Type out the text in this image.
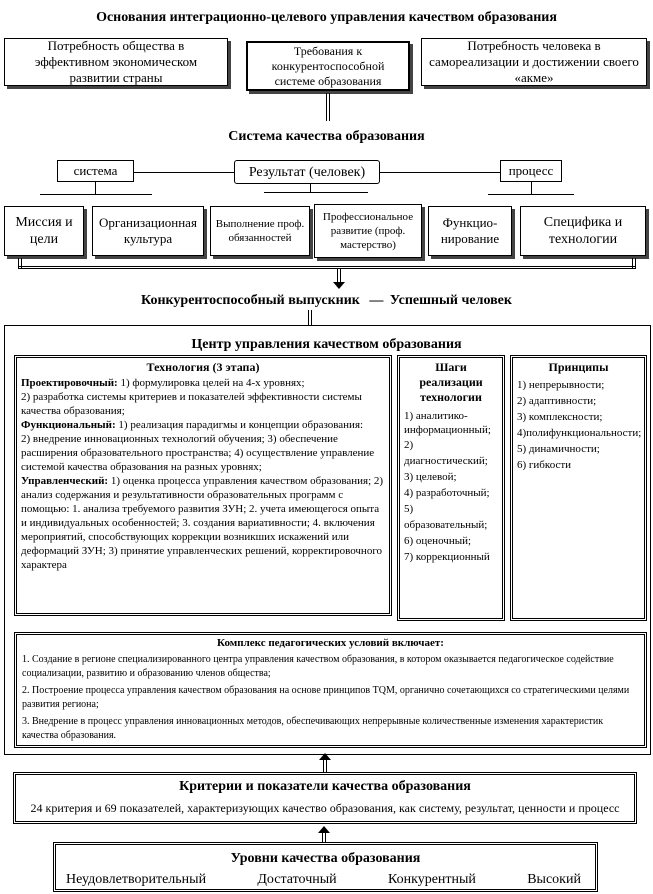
Основания интеграционно-целевого управления качеством образования
Потребность общества в эффективном экономическом развитии страны
Требования к конкурентоспособной системе образования
Потребность человека в самореализации и достижении своего «акме»
Система качества образования
система	Результат (человек)	процесс
Миссия и цели
Организационная культура
Выполнение проф. обязанностей
Профессиональное развитие (проф. мастерство)
Функцио-нирование
Специфика и технологии
Конкурентоспособный выпускник — Успешный человек
Центр управления качеством образования
Технология (3 этапа)
Проектировочный: 1) формулировка целей на 4-х уровнях;
2) разработка системы критериев и показателей эффективности системы качества образования;
Функциональный: 1) реализация парадигмы и концепции образования:
2) внедрение инновационных технологий обучения; 3) обеспечение расширения образовательного пространства; 4) осуществление управление системой качества образования на разных уровнях;
Управленческий: 1) оценка процесса управления качеством образования; 2) анализ содержания и результативности образовательных программ с помощью: 1. анализа требуемого развития ЗУН; 2. учета имеющегося опыта и индивидуальных особенностей; 3. создания вариативности; 4. включения мероприятий, способствующих коррекции возникших искажений или деформаций ЗУН; 3) принятие управленческих решений, корректировочного характера
Шаги реализации технологии
1) аналитико-информационный;
2) диагностический;
3) целевой;
4) разработочный;
5) образовательный;
6) оценочный;
7) коррекционный
Принципы
1) непрерывности;
2) адаптивности;
3) комплексности;
4)полифункциональности;
5) динамичности;
6) гибкости
Комплекс педагогических условий включает:
1. Создание в регионе специализированного центра управления качеством образования, в котором оказывается педагогическое содействие социализации, развитию и образованию членов общества;
2. Построение процесса управления качеством образования на основе принципов TQM, органично сочетающихся со стратегическими целями развития региона;
3. Внедрение в процесс управления инновационных методов, обеспечивающих непрерывные количественные изменения характеристик качества образования.
Критерии и показатели качества образования
24 критерия и 69 показателей, характеризующих качество образования, как систему, результат, ценности и процесс
Уровни качества образования
Неудовлетворительный	Достаточный	Конкурентный	Высокий
